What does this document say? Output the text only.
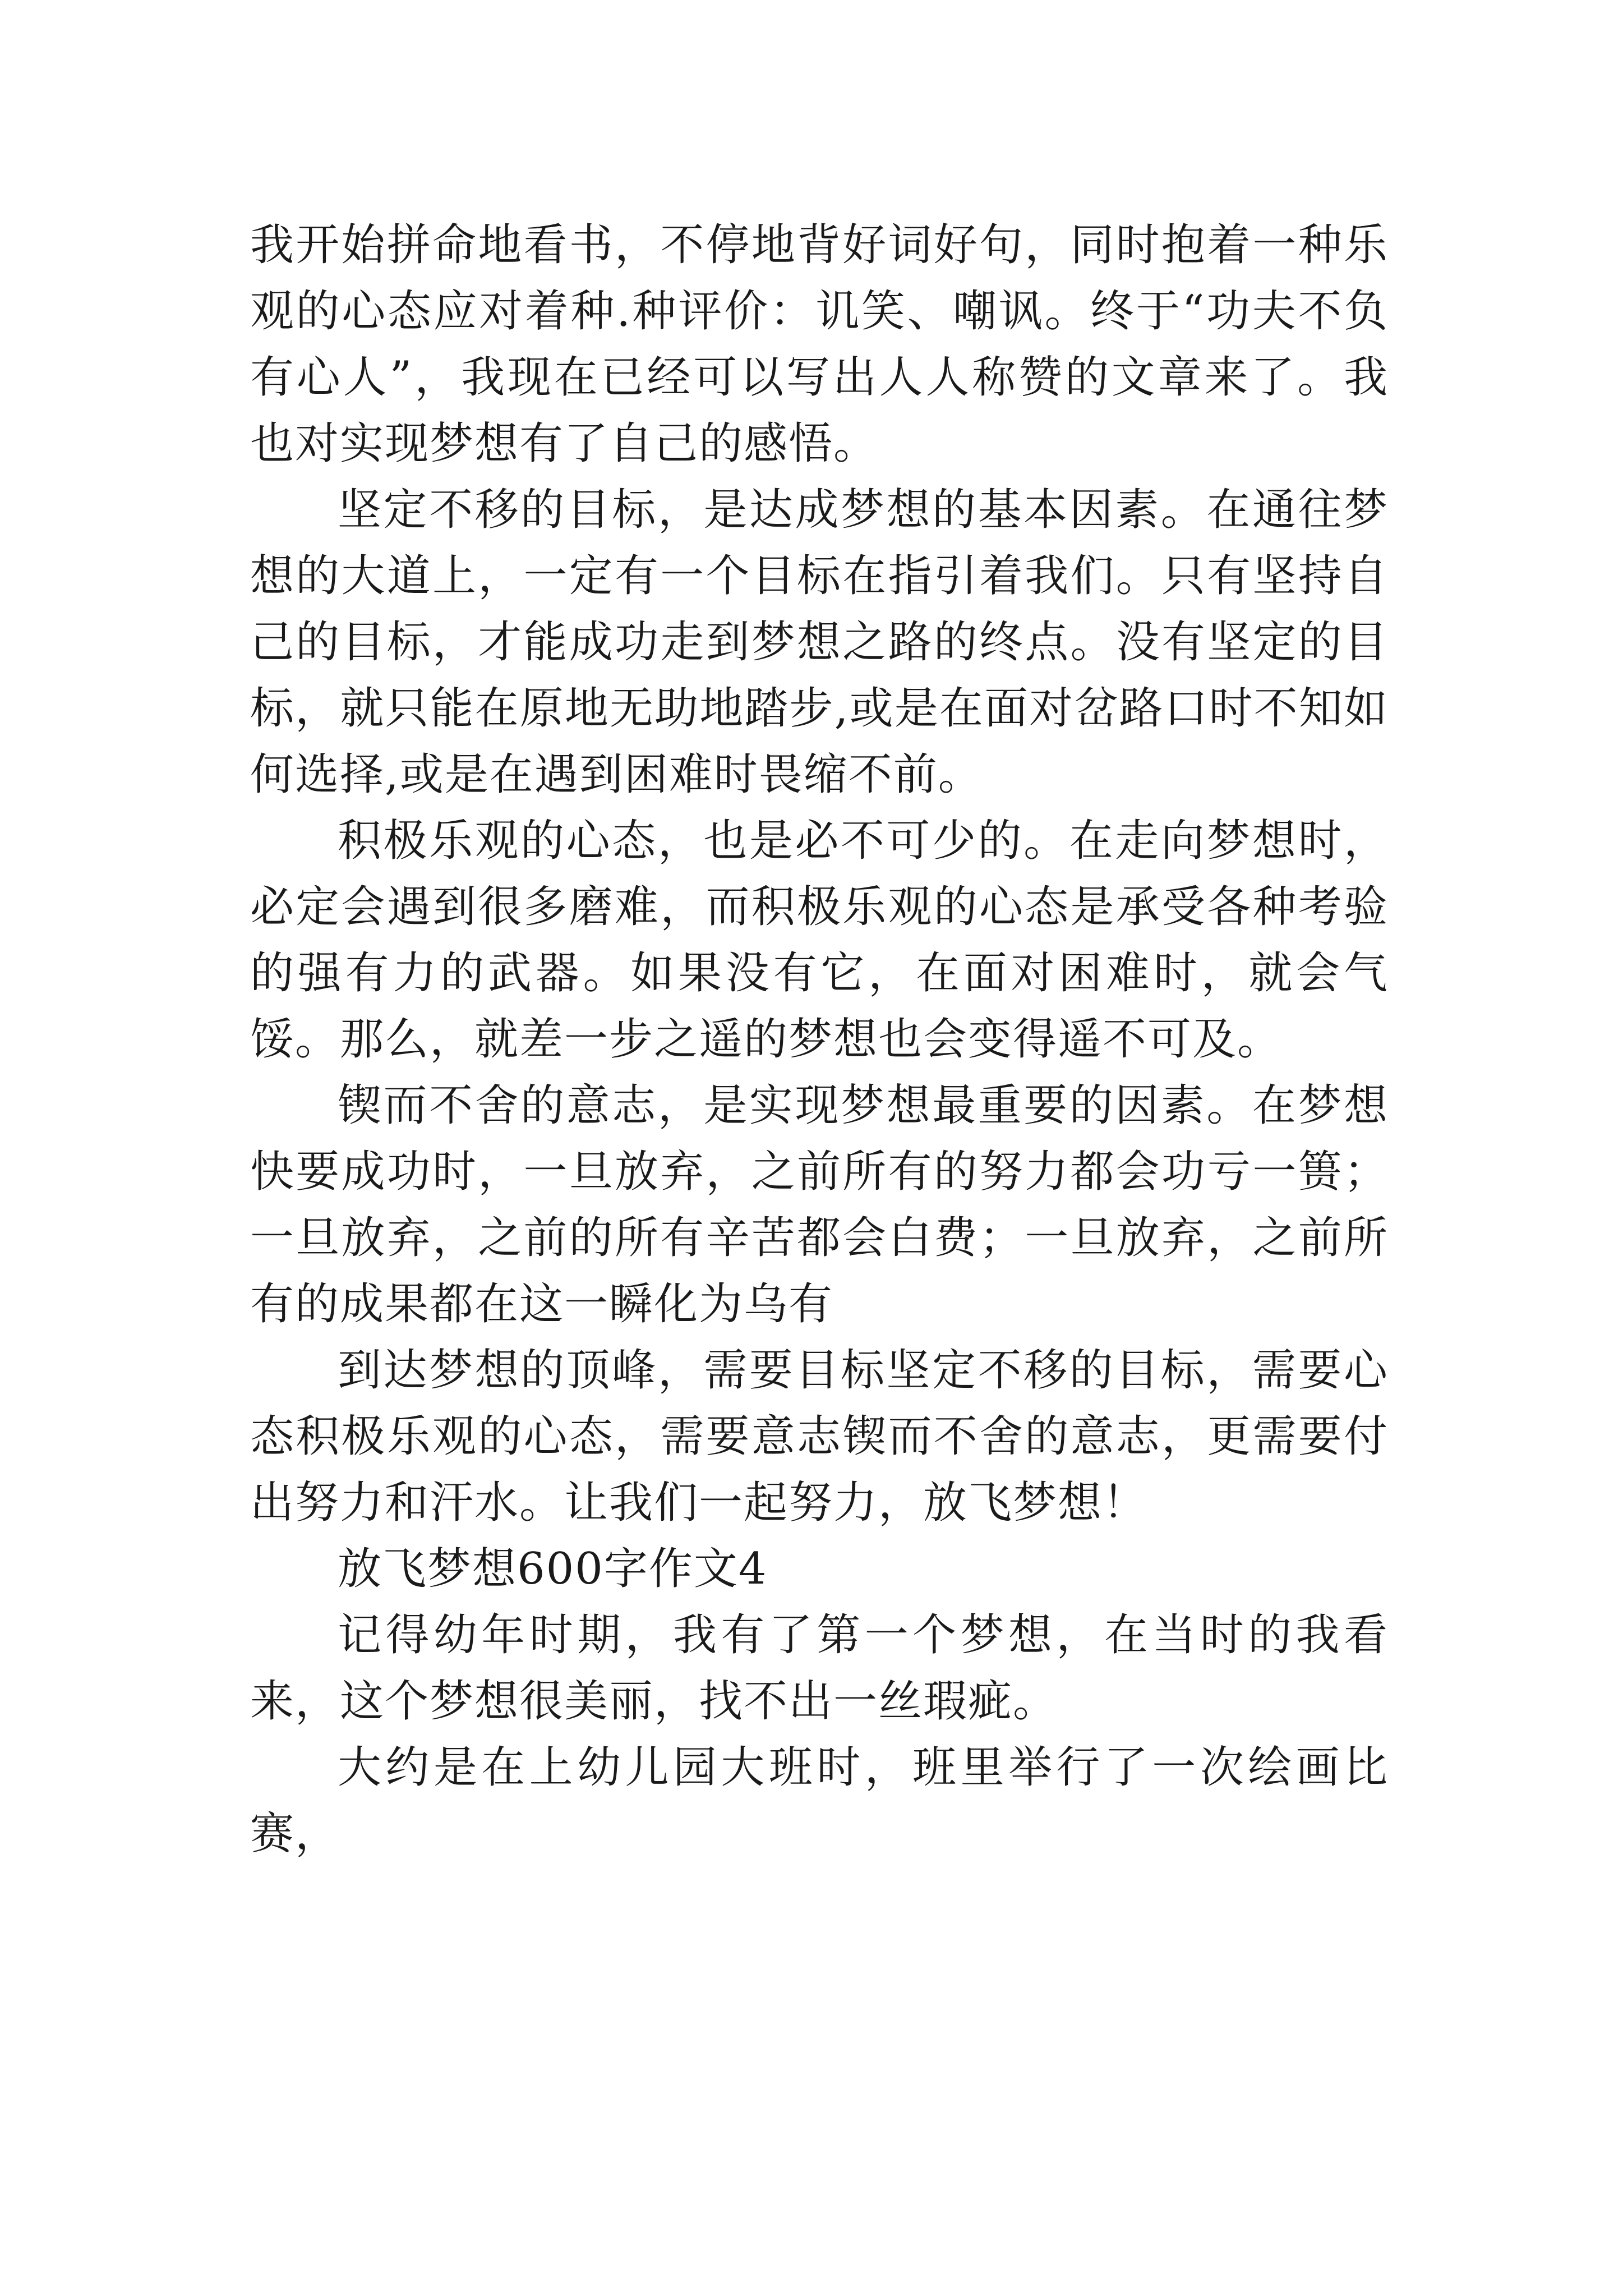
我开始拼命地看书，不停地背好词好句，同时抱着一种乐观的心态应对着种.种评价：讥笑、嘲讽。终于“功夫不负有心人”，我现在已经可以写出人人称赞的文章来了。我也对实现梦想有了自己的感悟。

坚定不移的目标，是达成梦想的基本因素。在通往梦想的大道上，一定有一个目标在指引着我们。只有坚持自己的目标，才能成功走到梦想之路的终点。没有坚定的目标，就只能在原地无助地踏步,或是在面对岔路口时不知如何选择,或是在遇到困难时畏缩不前。

积极乐观的心态，也是必不可少的。在走向梦想时，必定会遇到很多磨难，而积极乐观的心态是承受各种考验的强有力的武器。如果没有它，在面对困难时，就会气馁。那么，就差一步之遥的梦想也会变得遥不可及。

锲而不舍的意志，是实现梦想最重要的因素。在梦想快要成功时，一旦放弃，之前所有的努力都会功亏一篑；一旦放弃，之前的所有辛苦都会白费；一旦放弃，之前所有的成果都在这一瞬化为乌有

到达梦想的顶峰，需要目标坚定不移的目标，需要心态积极乐观的心态，需要意志锲而不舍的意志，更需要付出努力和汗水。让我们一起努力，放飞梦想！

放飞梦想600字作文4

记得幼年时期，我有了第一个梦想，在当时的我看来，这个梦想很美丽，找不出一丝瑕疵。

大约是在上幼儿园大班时，班里举行了一次绘画比赛，
